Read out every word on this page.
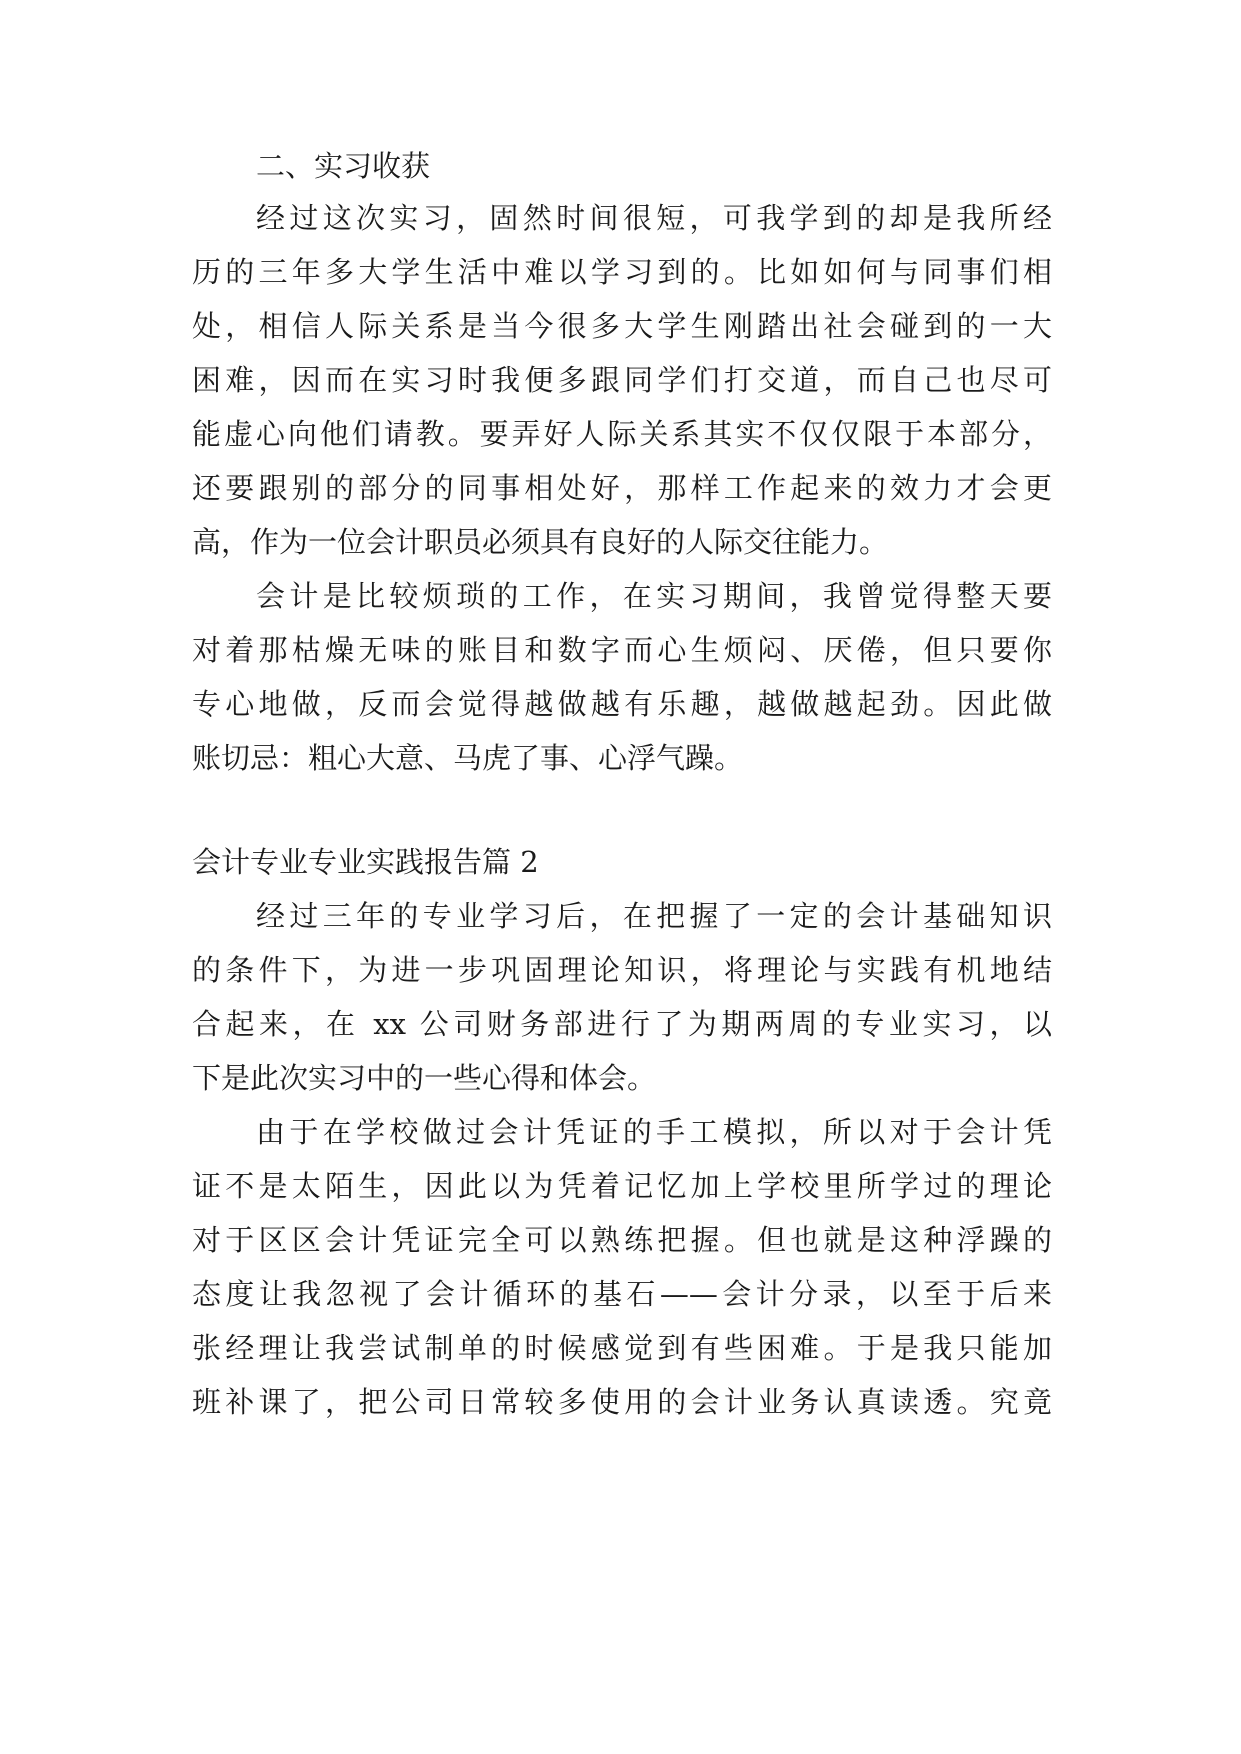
二、实习收获
经过这次实习，固然时间很短，可我学到的却是我所经
历的三年多大学生活中难以学习到的。比如如何与同事们相
处，相信人际关系是当今很多大学生刚踏出社会碰到的一大
困难，因而在实习时我便多跟同学们打交道，而自己也尽可
能虚心向他们请教。要弄好人际关系其实不仅仅限于本部分，
还要跟别的部分的同事相处好，那样工作起来的效力才会更
高，作为一位会计职员必须具有良好的人际交往能力。
会计是比较烦琐的工作，在实习期间，我曾觉得整天要
对着那枯燥无味的账目和数字而心生烦闷、厌倦，但只要你
专心地做，反而会觉得越做越有乐趣，越做越起劲。因此做
账切忌：粗心大意、马虎了事、心浮气躁。
会计专业专业实践报告篇 2
经过三年的专业学习后，在把握了一定的会计基础知识
的条件下，为进一步巩固理论知识，将理论与实践有机地结
合起来，在 xx 公司财务部进行了为期两周的专业实习，以
下是此次实习中的一些心得和体会。
由于在学校做过会计凭证的手工模拟，所以对于会计凭
证不是太陌生，因此以为凭着记忆加上学校里所学过的理论
对于区区会计凭证完全可以熟练把握。但也就是这种浮躁的
态度让我忽视了会计循环的基石——会计分录，以至于后来
张经理让我尝试制单的时候感觉到有些困难。于是我只能加
班补课了，把公司日常较多使用的会计业务认真读透。究竟
